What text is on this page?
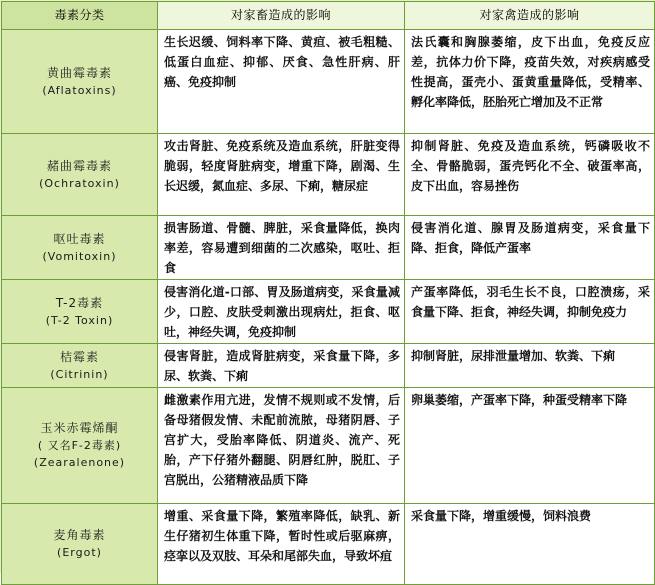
毒素分类	对家畜造成的影响	对家禽造成的影响

黄曲霉毒素
(Aflatoxins)	生长迟缓、饲料率下降、黄疸、被毛粗糙、低蛋白血症、抑郁、厌食、急性肝病、肝癌、免疫抑制	法氏囊和胸腺萎缩，皮下出血，免疫反应差，抗体力价下降，疫苗失效，对疾病感受性提高，蛋壳小、蛋黄重量降低，受精率、孵化率降低，胚胎死亡增加及不正常

赭曲霉毒素
(Ochratoxin)	攻击肾脏、免疫系统及造血系统，肝脏变得脆弱，轻度肾脏病变，增重下降，剧渴、生长迟缓，氮血症、多尿、下痢，糖尿症	抑制肾脏、免疫及造血系统，钙磷吸收不全、骨骼脆弱，蛋壳钙化不全、破蛋率高，皮下出血，容易挫伤

呕吐毒素
(Vomitoxin)	损害肠道、骨髓、脾脏，采食量降低，换肉率差，容易遭到细菌的二次感染，呕吐、拒食	侵害消化道、腺胃及肠道病变，采食量下降、拒食，降低产蛋率

T-2毒素
(T-2 Toxin)	侵害消化道-口部、胃及肠道病变，采食量减少，口腔、皮肤受刺激出现病灶，拒食、呕吐，神经失调，免疫抑制	产蛋率降低，羽毛生长不良，口腔溃疡，采食量下降、拒食，神经失调，抑制免疫力

桔霉素
(Citrinin)	侵害肾脏，造成肾脏病变，采食量下降，多尿、软粪、下痢	抑制肾脏，尿排泄量增加、软粪、下痢

玉米赤霉烯酮
( 又名F-2毒素)
(Zearalenone)	雌激素作用亢进，发情不规则或不发情，后备母猪假发情、未配前流脓，母猪阴唇、子宫扩大，受胎率降低、阴道炎、流产、死胎，产下仔猪外翻腿、阴唇红肿，脱肛、子宫脱出，公猪精液品质下降	卵巢萎缩，产蛋率下降，种蛋受精率下降

麦角毒素
(Ergot)	增重、采食量下降，繁殖率降低，缺乳、新生仔猪初生体重下降，暂时性或后驱麻痹，痉挛以及双肢、耳朵和尾部失血，导致坏疽	采食量下降，增重缓慢，饲料浪费
